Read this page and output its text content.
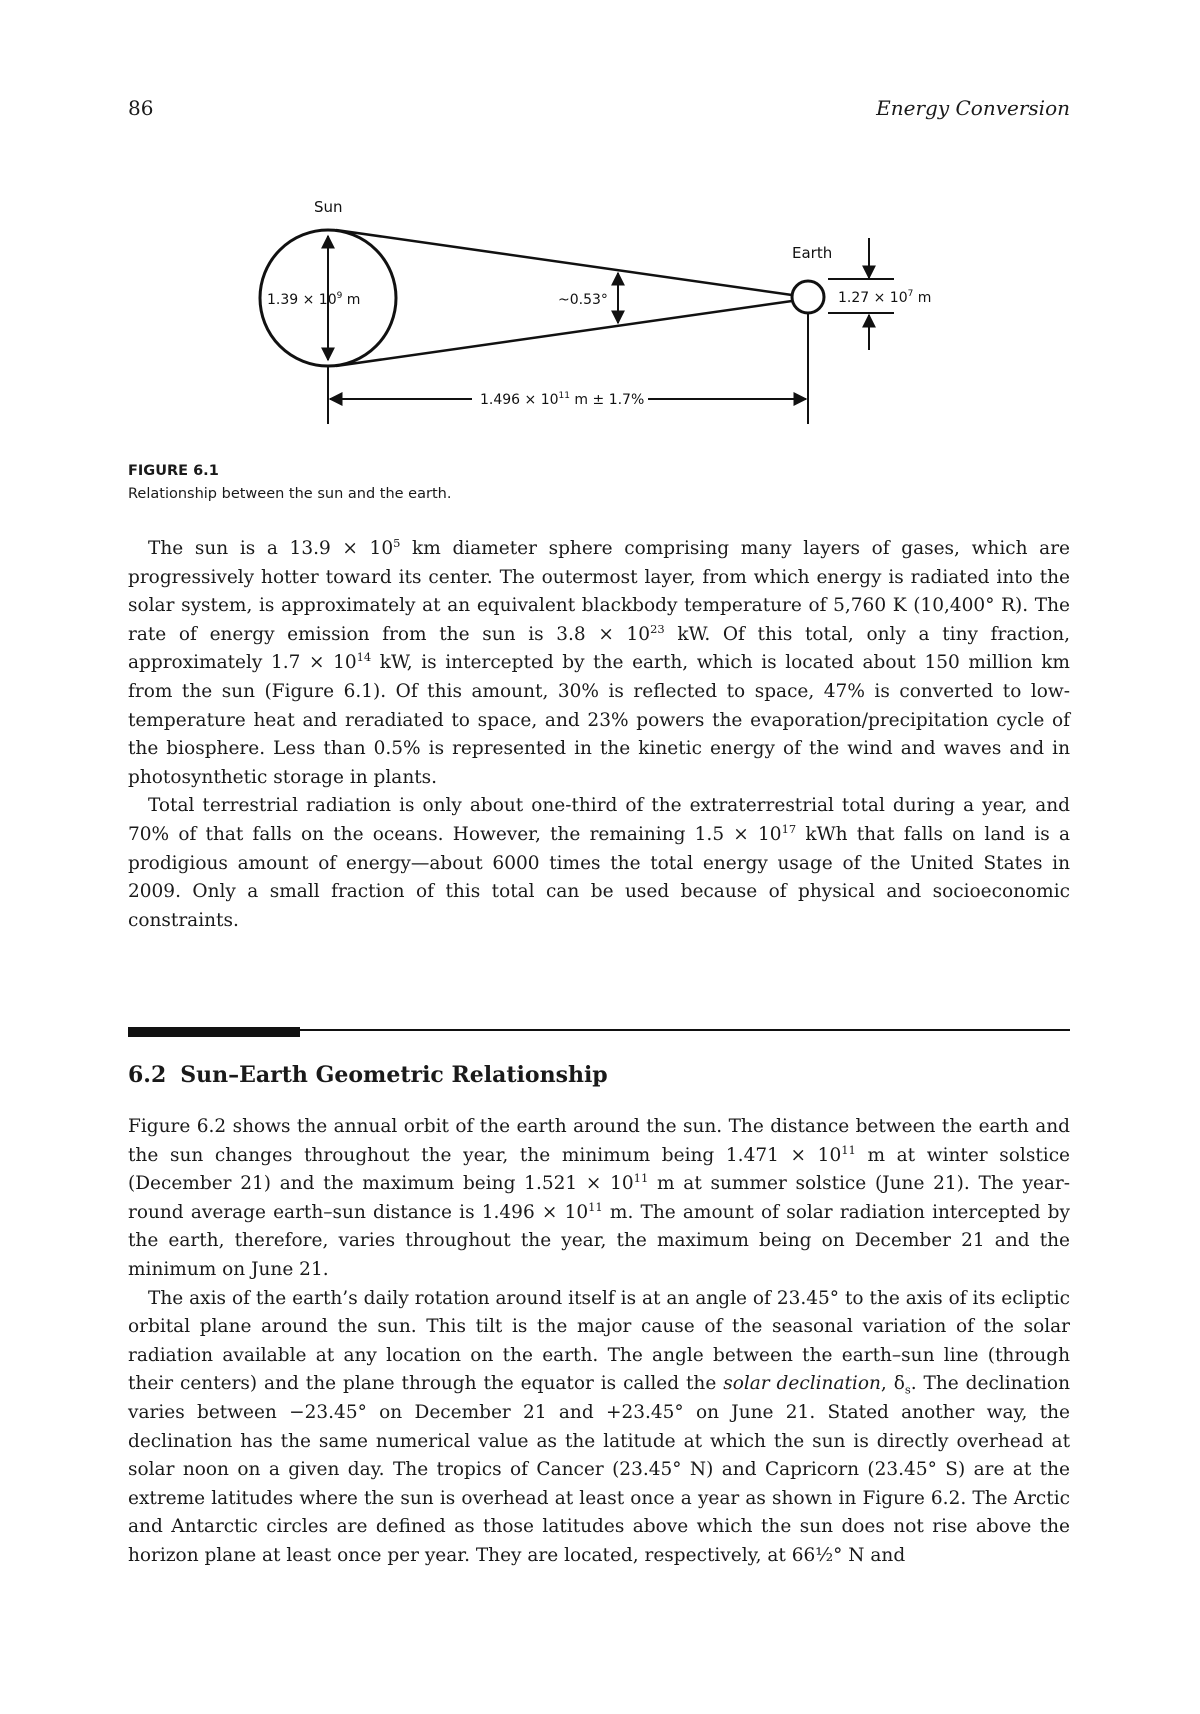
86	Energy Conversion
Sun
Earth
$1.39 \times 10^9$ m	~0.53°	$1.27 \times 10^7$ m
$1.496 \times 10^{11}$ m ± 1.7%
FIGURE 6.1
Relationship between the sun and the earth.

The sun is a $13.9 \times 10^5$ km diameter sphere comprising many layers of gases, which are progressively hotter toward its center. The outermost layer, from which energy is radiated into the solar system, is approximately at an equivalent blackbody temperature of 5,760 K (10,400° R). The rate of energy emission from the sun is $3.8 \times 10^{23}$ kW. Of this total, only a tiny fraction, approximately $1.7 \times 10^{14}$ kW, is intercepted by the earth, which is located about 150 million km from the sun (Figure 6.1). Of this amount, 30% is reflected to space, 47% is converted to low-temperature heat and reradiated to space, and 23% powers the evaporation/precipitation cycle of the biosphere. Less than 0.5% is represented in the kinetic energy of the wind and waves and in photosynthetic storage in plants.

Total terrestrial radiation is only about one-third of the extraterrestrial total during a year, and 70% of that falls on the oceans. However, the remaining $1.5 \times 10^{17}$ kWh that falls on land is a prodigious amount of energy—about 6000 times the total energy usage of the United States in 2009. Only a small fraction of this total can be used because of physical and socioeconomic constraints.

6.2 Sun–Earth Geometric Relationship

Figure 6.2 shows the annual orbit of the earth around the sun. The distance between the earth and the sun changes throughout the year, the minimum being $1.471 \times 10^{11}$ m at winter solstice (December 21) and the maximum being $1.521 \times 10^{11}$ m at summer solstice (June 21). The year-round average earth–sun distance is $1.496 \times 10^{11}$ m. The amount of solar radiation intercepted by the earth, therefore, varies throughout the year, the maximum being on December 21 and the minimum on June 21.

The axis of the earth’s daily rotation around itself is at an angle of 23.45° to the axis of its ecliptic orbital plane around the sun. This tilt is the major cause of the seasonal variation of the solar radiation available at any location on the earth. The angle between the earth–sun line (through their centers) and the plane through the equator is called the solar declination, $\delta_s$. The declination varies between −23.45° on December 21 and +23.45° on June 21. Stated another way, the declination has the same numerical value as the latitude at which the sun is directly overhead at solar noon on a given day. The tropics of Cancer (23.45° N) and Capricorn (23.45° S) are at the extreme latitudes where the sun is overhead at least once a year as shown in Figure 6.2. The Arctic and Antarctic circles are defined as those latitudes above which the sun does not rise above the horizon plane at least once per year. They are located, respectively, at 66½° N and
